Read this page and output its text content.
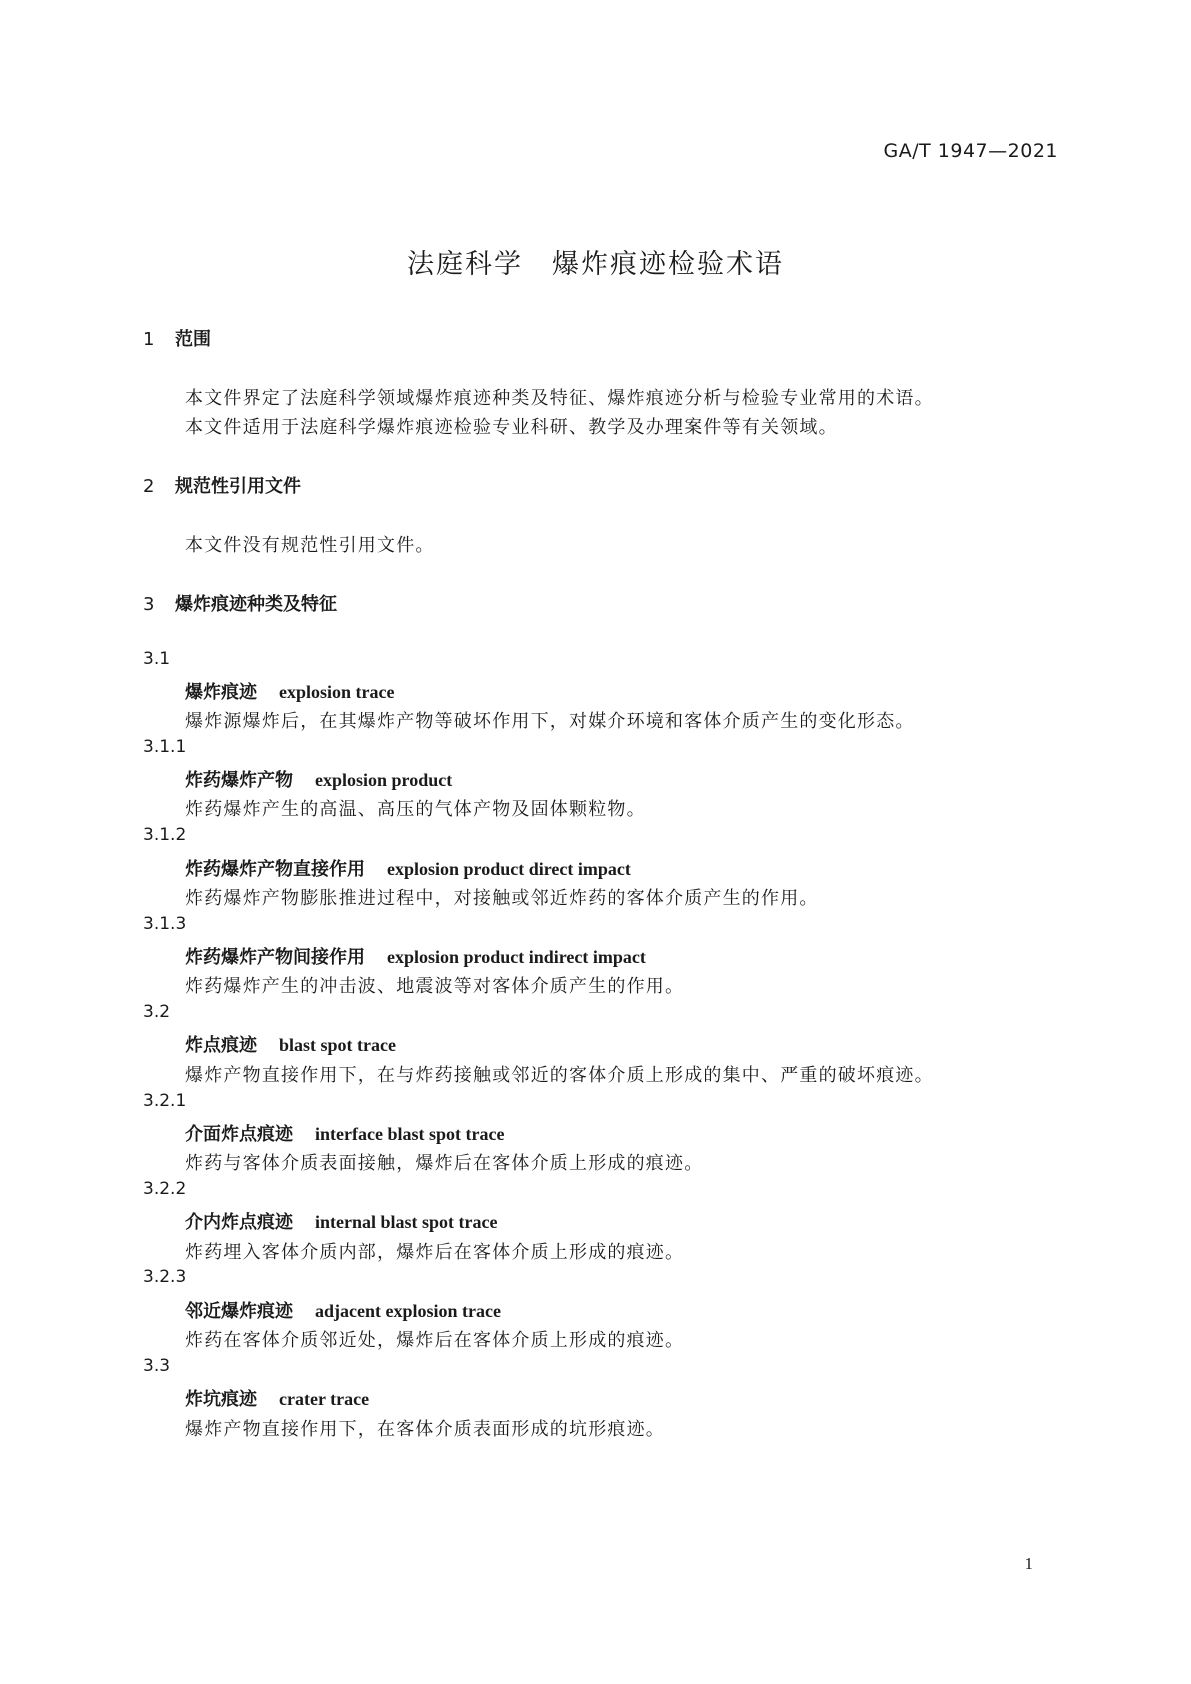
GA/T 1947—2021
法庭科学　爆炸痕迹检验术语
1 范围
本文件界定了法庭科学领域爆炸痕迹种类及特征、爆炸痕迹分析与检验专业常用的术语。
本文件适用于法庭科学爆炸痕迹检验专业科研、教学及办理案件等有关领域。
2 规范性引用文件
本文件没有规范性引用文件。
3 爆炸痕迹种类及特征
3.1
爆炸痕迹 explosion trace
爆炸源爆炸后，在其爆炸产物等破坏作用下，对媒介环境和客体介质产生的变化形态。
3.1.1
炸药爆炸产物 explosion product
炸药爆炸产生的高温、高压的气体产物及固体颗粒物。
3.1.2
炸药爆炸产物直接作用 explosion product direct impact
炸药爆炸产物膨胀推进过程中，对接触或邻近炸药的客体介质产生的作用。
3.1.3
炸药爆炸产物间接作用 explosion product indirect impact
炸药爆炸产生的冲击波、地震波等对客体介质产生的作用。
3.2
炸点痕迹 blast spot trace
爆炸产物直接作用下，在与炸药接触或邻近的客体介质上形成的集中、严重的破坏痕迹。
3.2.1
介面炸点痕迹 interface blast spot trace
炸药与客体介质表面接触，爆炸后在客体介质上形成的痕迹。
3.2.2
介内炸点痕迹 internal blast spot trace
炸药埋入客体介质内部，爆炸后在客体介质上形成的痕迹。
3.2.3
邻近爆炸痕迹 adjacent explosion trace
炸药在客体介质邻近处，爆炸后在客体介质上形成的痕迹。
3.3
炸坑痕迹 crater trace
爆炸产物直接作用下，在客体介质表面形成的坑形痕迹。
1
